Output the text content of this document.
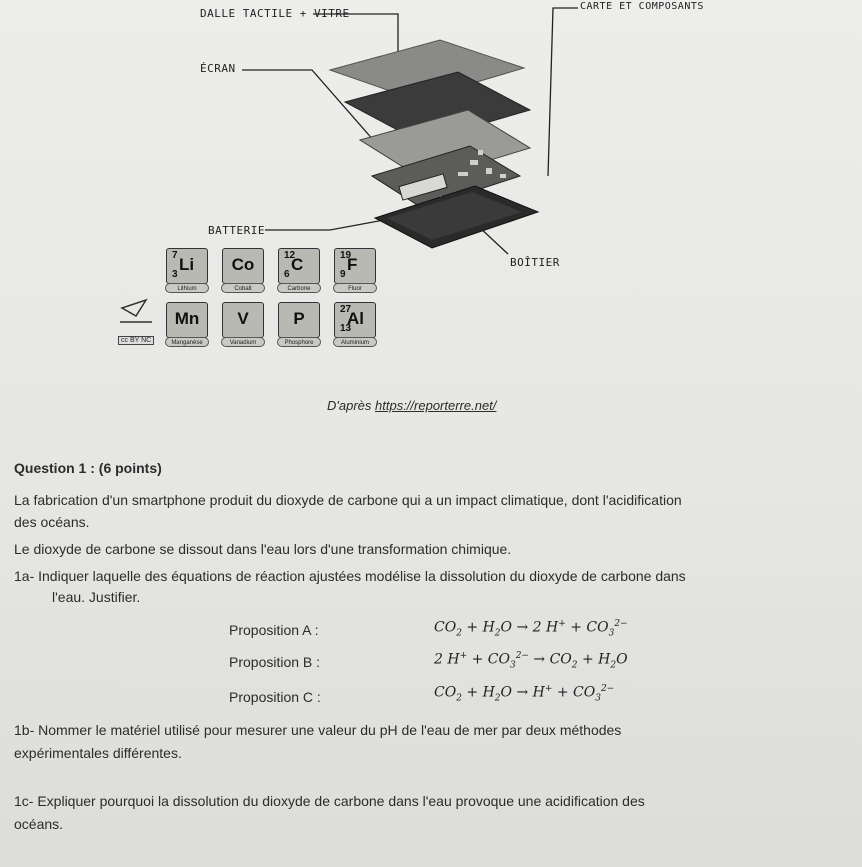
DALLE TACTILE + VITRE
CARTE ET COMPOSANTS
ÉCRAN
BATTERIE
BOÎTIER
7
3
Li
Lithium
Co
Cobalt
12
6
C
Carbone
19
9
F
Fluor
Mn
Manganèse
V
Vanadium
P
Phosphore
27
13
Al
Aluminium
cc BY NC
D'après https://reporterre.net/
Question 1 : (6 points)
La fabrication d'un smartphone produit du dioxyde de carbone qui a un impact climatique, dont l'acidification
des océans.
Le dioxyde de carbone se dissout dans l'eau lors d'une transformation chimique.
1a- Indiquer laquelle des équations de réaction ajustées modélise la dissolution du dioxyde de carbone dans
l'eau. Justifier.
Proposition A :	$CO_2 + H_2O \to 2$ $H^+ + CO_3^{2-}$
Proposition B :	2 $H^+ + CO_3^{2-} \to CO_2 + H_2O$
Proposition C :	$CO_2 + H_2O \to H^+ + CO_3^{2-}$
1b- Nommer le matériel utilisé pour mesurer une valeur du pH de l'eau de mer par deux méthodes
expérimentales différentes.
1c- Expliquer pourquoi la dissolution du dioxyde de carbone dans l'eau provoque une acidification des
océans.
